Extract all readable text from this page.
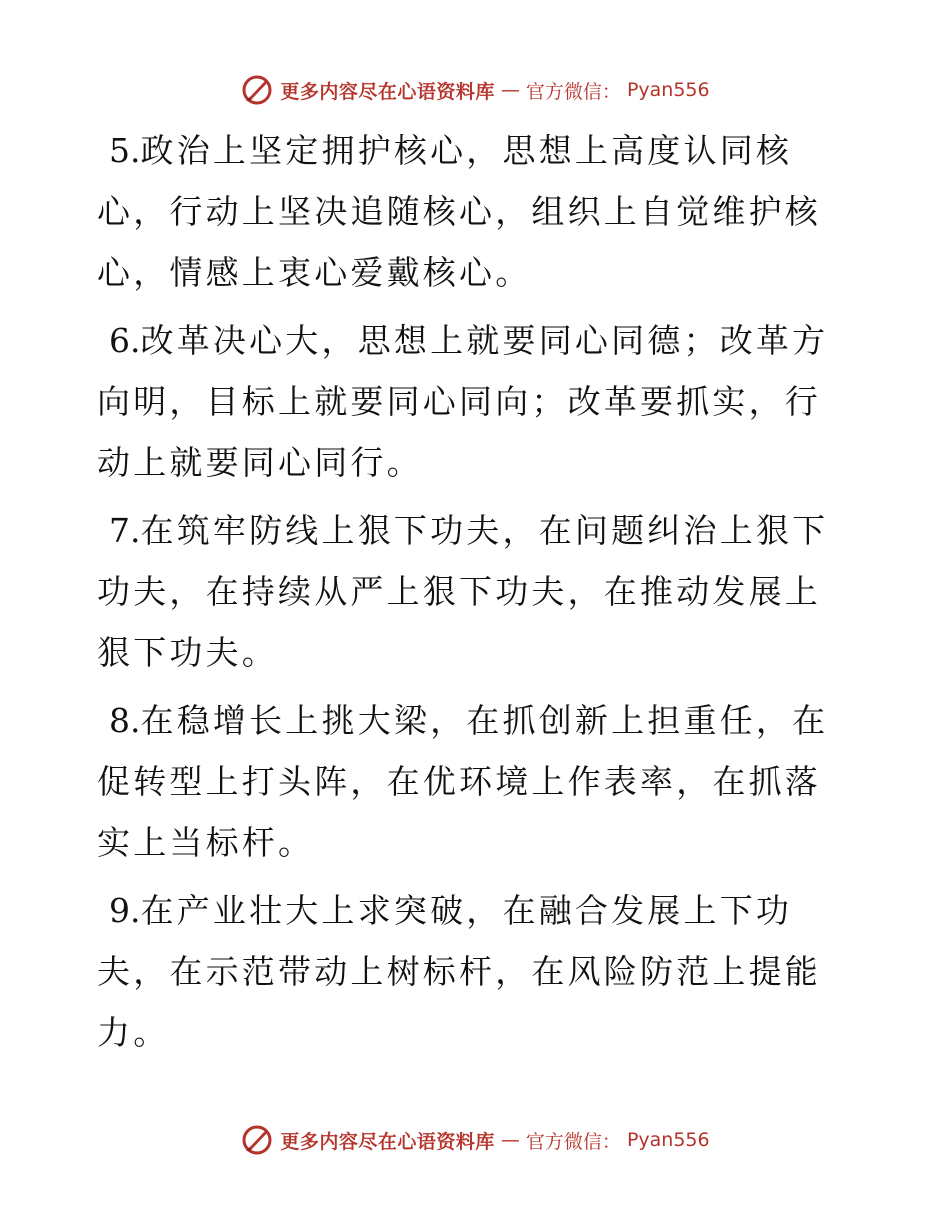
更多内容尽在心语资料库 — 官方微信： Pyan556

5.政治上坚定拥护核心，思想上高度认同核心，行动上坚决追随核心，组织上自觉维护核心，情感上衷心爱戴核心。

6.改革决心大，思想上就要同心同德；改革方向明，目标上就要同心同向；改革要抓实，行动上就要同心同行。

7.在筑牢防线上狠下功夫，在问题纠治上狠下功夫，在持续从严上狠下功夫，在推动发展上狠下功夫。

8.在稳增长上挑大梁，在抓创新上担重任，在促转型上打头阵，在优环境上作表率，在抓落实上当标杆。

9.在产业壮大上求突破，在融合发展上下功夫，在示范带动上树标杆，在风险防范上提能力。

更多内容尽在心语资料库 — 官方微信： Pyan556
